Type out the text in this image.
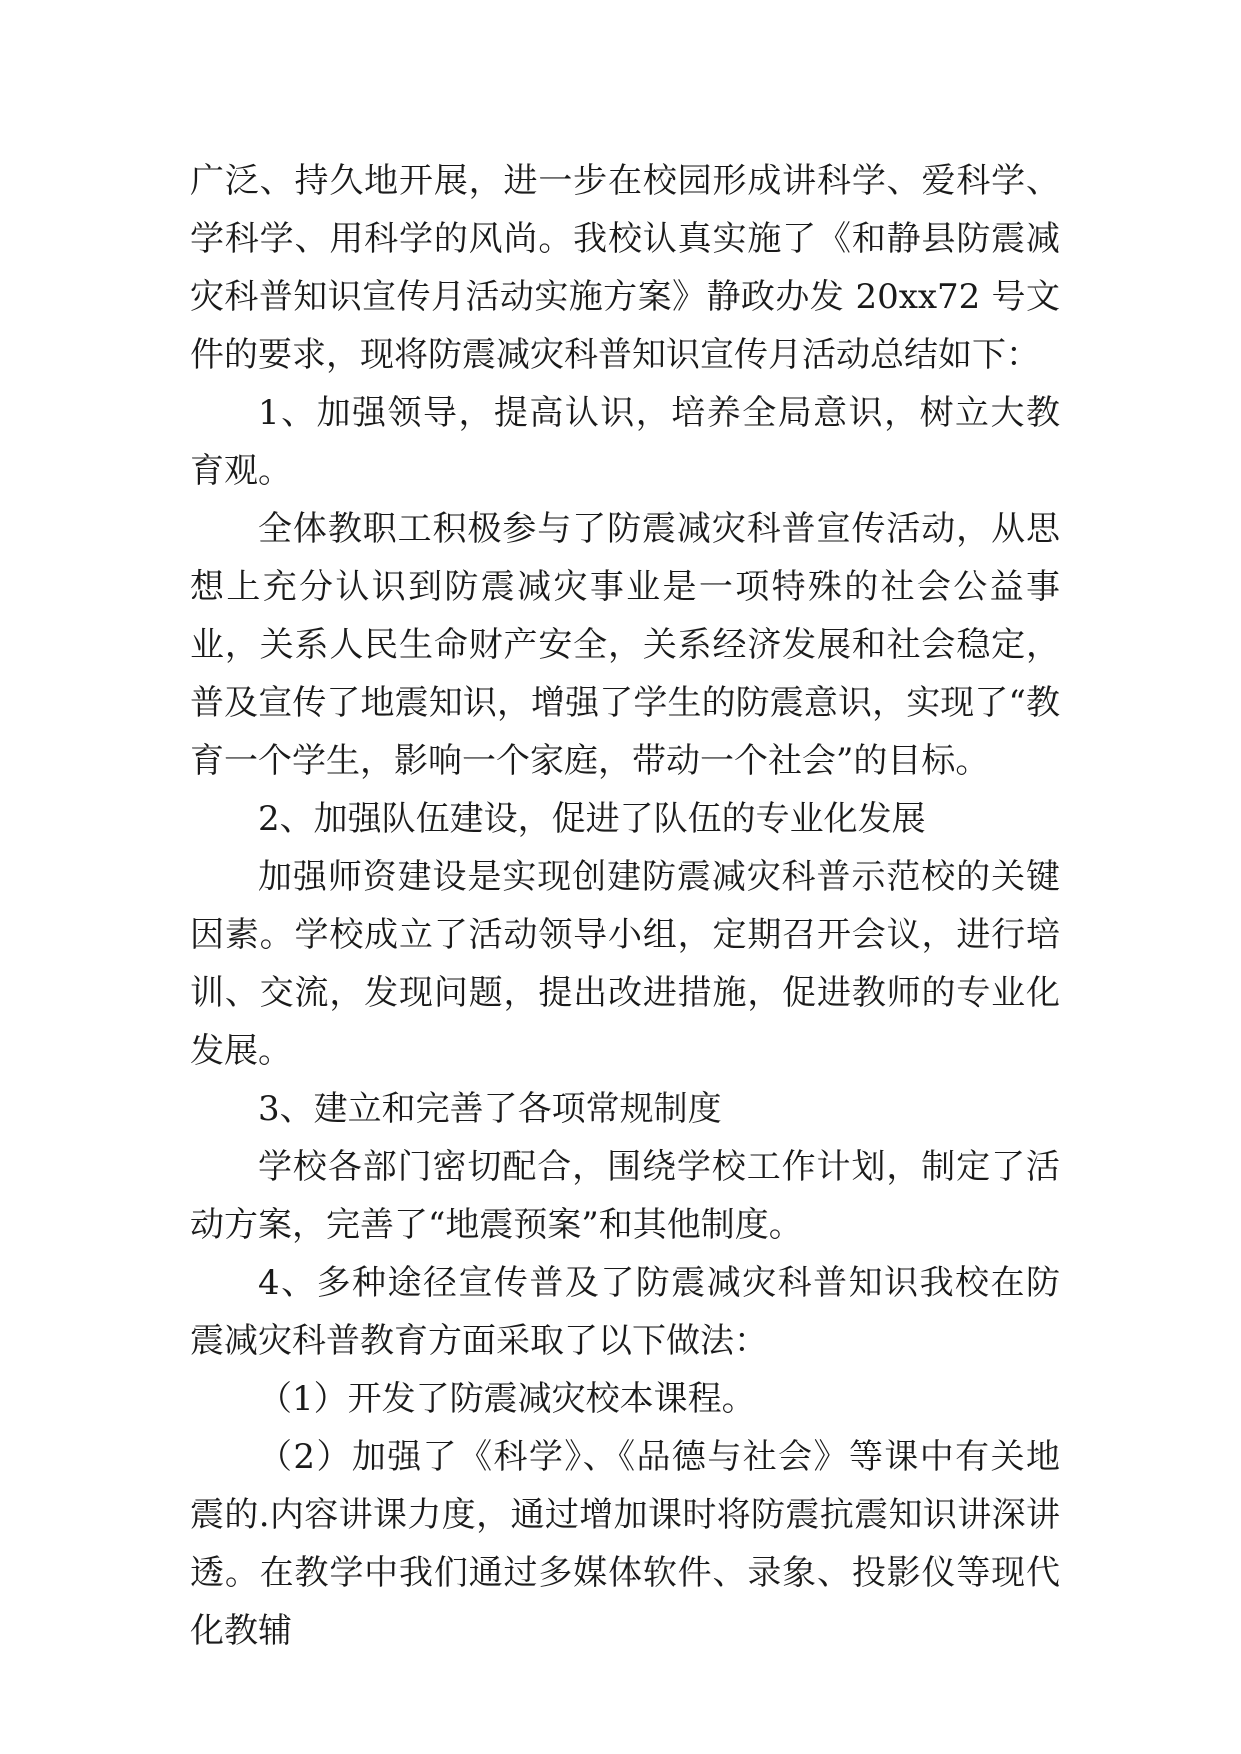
广泛、持久地开展，进一步在校园形成讲科学、爱科学、学科学、用科学的风尚。我校认真实施了《和静县防震减灾科普知识宣传月活动实施方案》静政办发 20xx72 号文件的要求，现将防震减灾科普知识宣传月活动总结如下：

1、加强领导，提高认识，培养全局意识，树立大教育观。

全体教职工积极参与了防震减灾科普宣传活动，从思想上充分认识到防震减灾事业是一项特殊的社会公益事业，关系人民生命财产安全，关系经济发展和社会稳定，普及宣传了地震知识，增强了学生的防震意识，实现了“教育一个学生，影响一个家庭，带动一个社会”的目标。

2、加强队伍建设，促进了队伍的专业化发展

加强师资建设是实现创建防震减灾科普示范校的关键因素。学校成立了活动领导小组，定期召开会议，进行培训、交流，发现问题，提出改进措施，促进教师的专业化发展。

3、建立和完善了各项常规制度

学校各部门密切配合，围绕学校工作计划，制定了活动方案，完善了“地震预案”和其他制度。

4、多种途径宣传普及了防震减灾科普知识我校在防震减灾科普教育方面采取了以下做法：

（1）开发了防震减灾校本课程。

（2）加强了《科学》、《品德与社会》等课中有关地震的.内容讲课力度，通过增加课时将防震抗震知识讲深讲透。在教学中我们通过多媒体软件、录象、投影仪等现代化教辅
